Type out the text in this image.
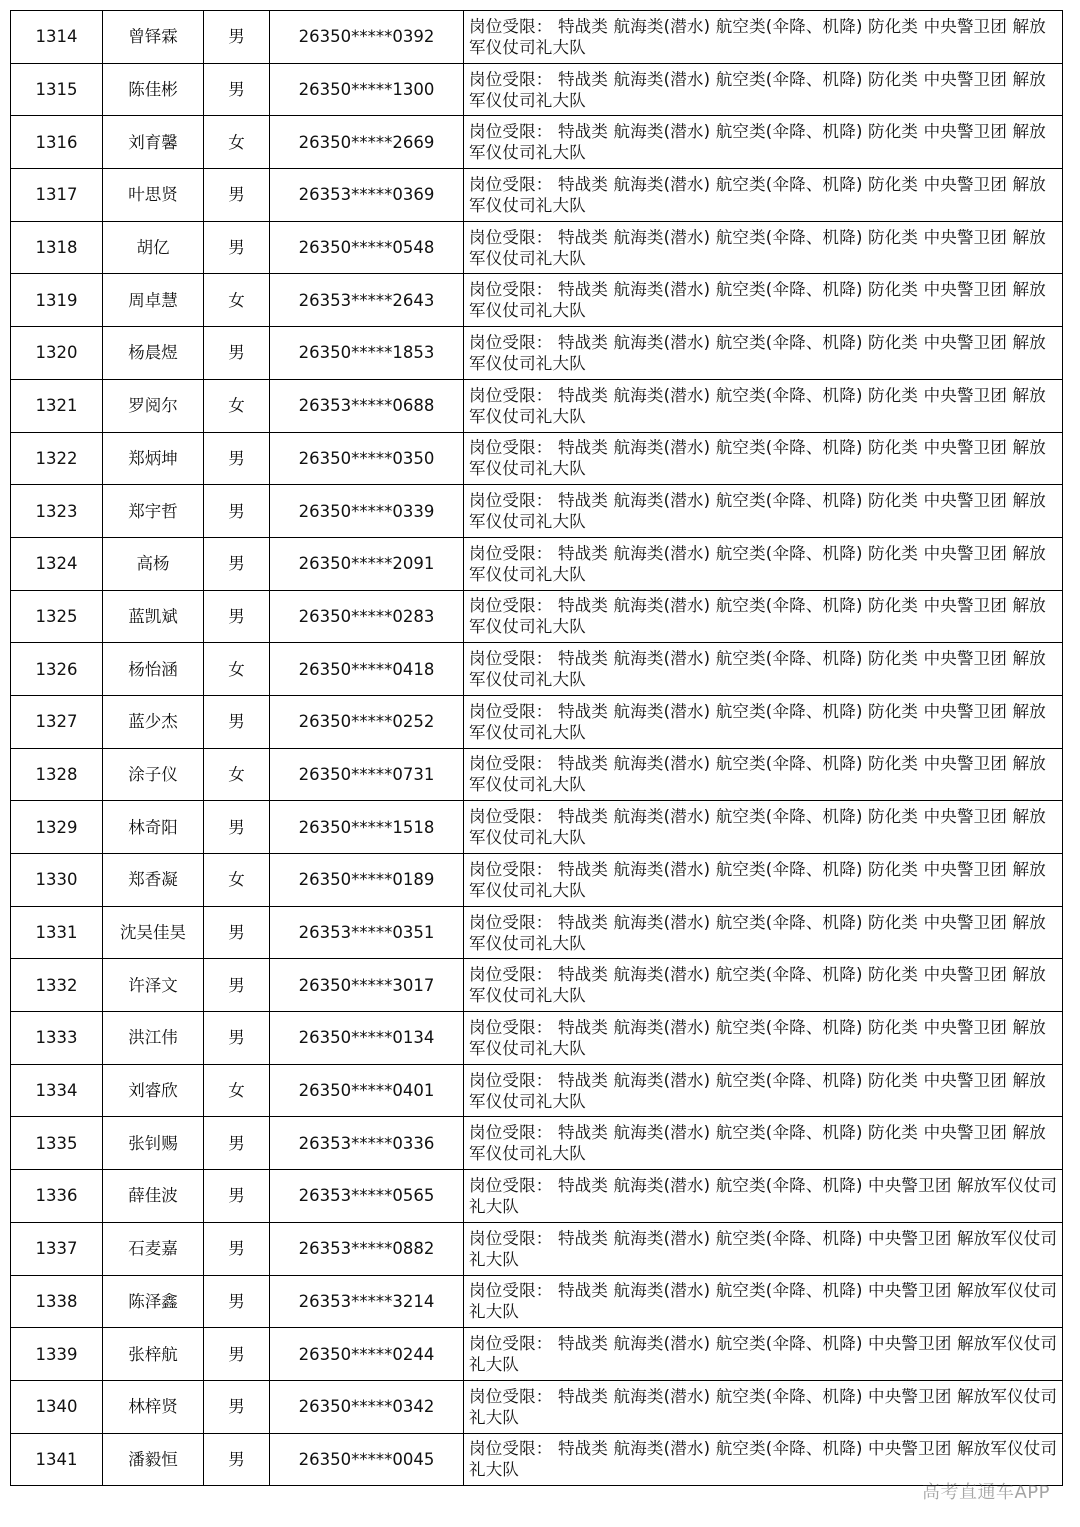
1314	曾铎霖	男	26350*****0392	岗位受限： 特战类 航海类(潜水) 航空类(伞降、机降) 防化类 中央警卫团 解放军仪仗司礼大队

1315	陈佳彬	男	26350*****1300	岗位受限： 特战类 航海类(潜水) 航空类(伞降、机降) 防化类 中央警卫团 解放军仪仗司礼大队

1316	刘育馨	女	26350*****2669	岗位受限： 特战类 航海类(潜水) 航空类(伞降、机降) 防化类 中央警卫团 解放军仪仗司礼大队

1317	叶思贤	男	26353*****0369	岗位受限： 特战类 航海类(潜水) 航空类(伞降、机降) 防化类 中央警卫团 解放军仪仗司礼大队

1318	胡亿	男	26350*****0548	岗位受限： 特战类 航海类(潜水) 航空类(伞降、机降) 防化类 中央警卫团 解放军仪仗司礼大队

1319	周卓慧	女	26353*****2643	岗位受限： 特战类 航海类(潜水) 航空类(伞降、机降) 防化类 中央警卫团 解放军仪仗司礼大队

1320	杨晨煜	男	26350*****1853	岗位受限： 特战类 航海类(潜水) 航空类(伞降、机降) 防化类 中央警卫团 解放军仪仗司礼大队

1321	罗阅尔	女	26353*****0688	岗位受限： 特战类 航海类(潜水) 航空类(伞降、机降) 防化类 中央警卫团 解放军仪仗司礼大队

1322	郑炳坤	男	26350*****0350	岗位受限： 特战类 航海类(潜水) 航空类(伞降、机降) 防化类 中央警卫团 解放军仪仗司礼大队

1323	郑宇哲	男	26350*****0339	岗位受限： 特战类 航海类(潜水) 航空类(伞降、机降) 防化类 中央警卫团 解放军仪仗司礼大队

1324	高杨	男	26350*****2091	岗位受限： 特战类 航海类(潜水) 航空类(伞降、机降) 防化类 中央警卫团 解放军仪仗司礼大队

1325	蓝凯斌	男	26350*****0283	岗位受限： 特战类 航海类(潜水) 航空类(伞降、机降) 防化类 中央警卫团 解放军仪仗司礼大队

1326	杨怡涵	女	26350*****0418	岗位受限： 特战类 航海类(潜水) 航空类(伞降、机降) 防化类 中央警卫团 解放军仪仗司礼大队

1327	蓝少杰	男	26350*****0252	岗位受限： 特战类 航海类(潜水) 航空类(伞降、机降) 防化类 中央警卫团 解放军仪仗司礼大队

1328	涂子仪	女	26350*****0731	岗位受限： 特战类 航海类(潜水) 航空类(伞降、机降) 防化类 中央警卫团 解放军仪仗司礼大队

1329	林奇阳	男	26350*****1518	岗位受限： 特战类 航海类(潜水) 航空类(伞降、机降) 防化类 中央警卫团 解放军仪仗司礼大队

1330	郑香凝	女	26350*****0189	岗位受限： 特战类 航海类(潜水) 航空类(伞降、机降) 防化类 中央警卫团 解放军仪仗司礼大队

1331	沈吴佳昊	男	26353*****0351	岗位受限： 特战类 航海类(潜水) 航空类(伞降、机降) 防化类 中央警卫团 解放军仪仗司礼大队

1332	许泽文	男	26350*****3017	岗位受限： 特战类 航海类(潜水) 航空类(伞降、机降) 防化类 中央警卫团 解放军仪仗司礼大队

1333	洪江伟	男	26350*****0134	岗位受限： 特战类 航海类(潜水) 航空类(伞降、机降) 防化类 中央警卫团 解放军仪仗司礼大队

1334	刘睿欣	女	26350*****0401	岗位受限： 特战类 航海类(潜水) 航空类(伞降、机降) 防化类 中央警卫团 解放军仪仗司礼大队

1335	张钊赐	男	26353*****0336	岗位受限： 特战类 航海类(潜水) 航空类(伞降、机降) 防化类 中央警卫团 解放军仪仗司礼大队

1336	薛佳波	男	26353*****0565	岗位受限： 特战类 航海类(潜水) 航空类(伞降、机降) 中央警卫团 解放军仪仗司礼大队

1337	石麦嘉	男	26353*****0882	岗位受限： 特战类 航海类(潜水) 航空类(伞降、机降) 中央警卫团 解放军仪仗司礼大队

1338	陈泽鑫	男	26353*****3214	岗位受限： 特战类 航海类(潜水) 航空类(伞降、机降) 中央警卫团 解放军仪仗司礼大队

1339	张梓航	男	26350*****0244	岗位受限： 特战类 航海类(潜水) 航空类(伞降、机降) 中央警卫团 解放军仪仗司礼大队

1340	林梓贤	男	26350*****0342	岗位受限： 特战类 航海类(潜水) 航空类(伞降、机降) 中央警卫团 解放军仪仗司礼大队

1341	潘毅恒	男	26350*****0045	岗位受限： 特战类 航海类(潜水) 航空类(伞降、机降) 中央警卫团 解放军仪仗司礼大队
高考直通车APP
